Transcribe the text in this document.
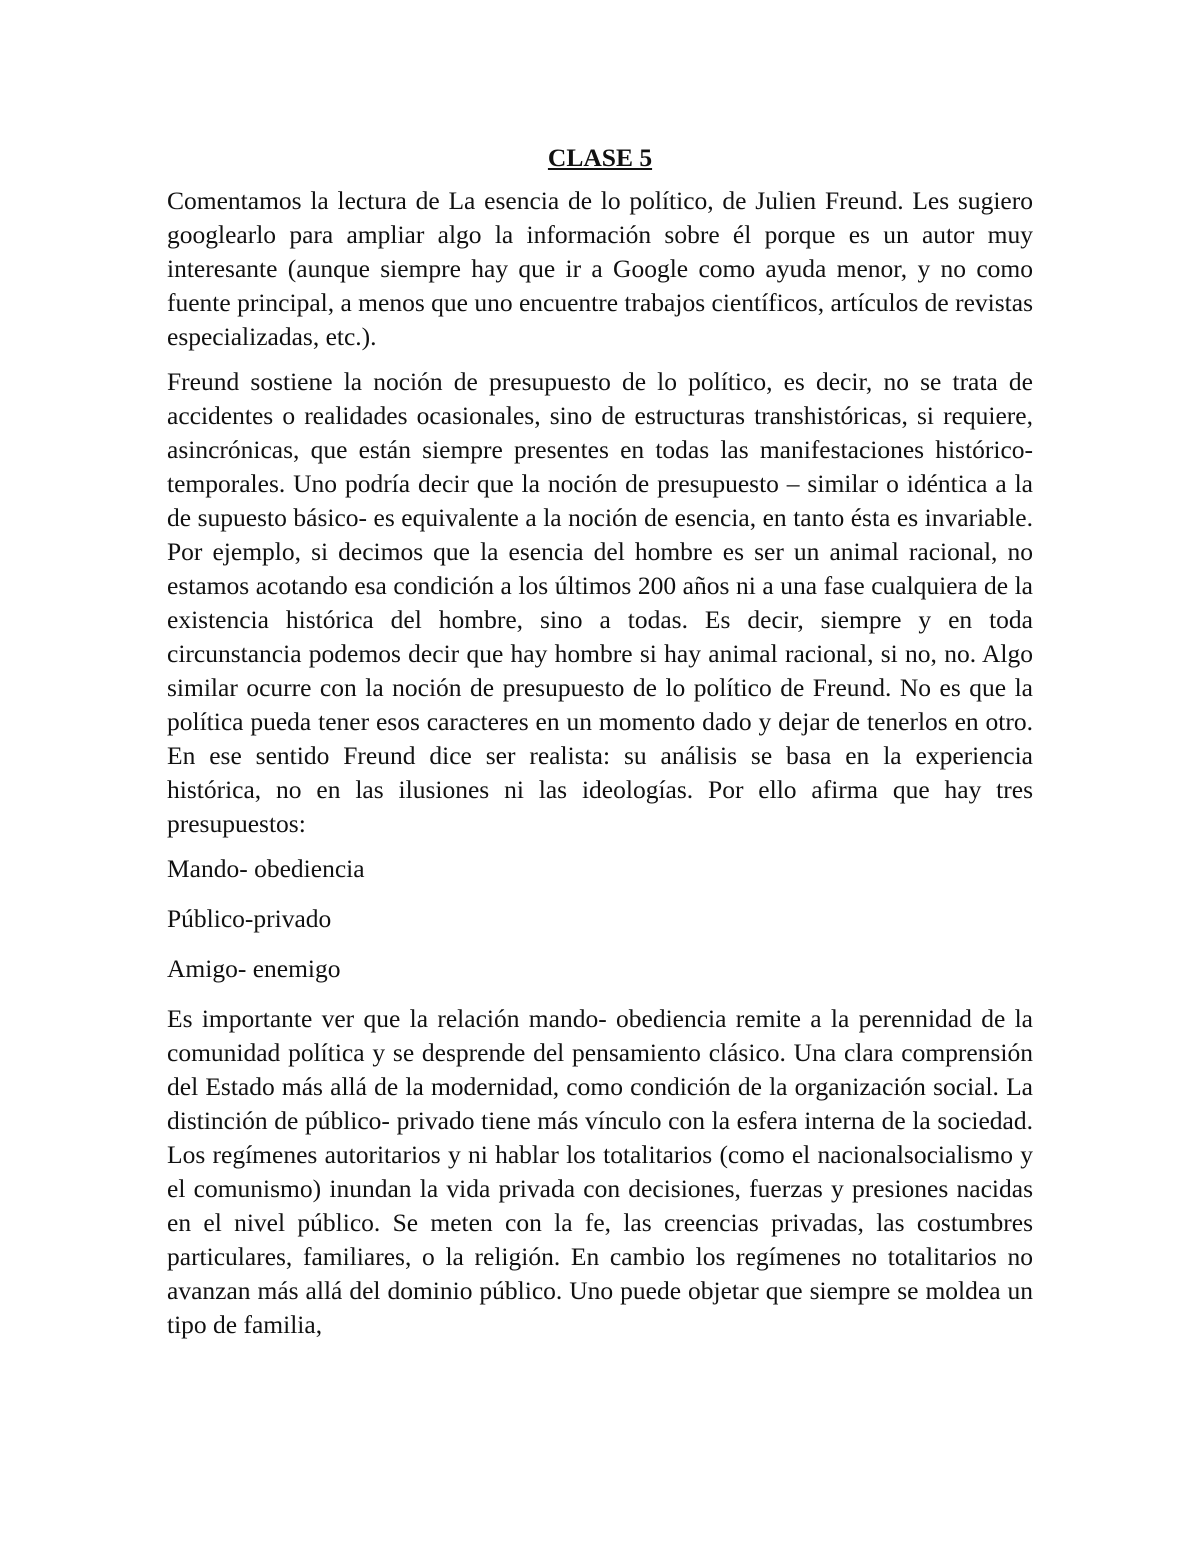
CLASE 5

Comentamos la lectura de La esencia de lo político, de Julien Freund. Les sugiero googlearlo para ampliar algo la información sobre él porque es un autor muy interesante (aunque siempre hay que ir a Google como ayuda menor, y no como fuente principal, a menos que uno encuentre trabajos científicos, artículos de revistas especializadas, etc.).

Freund sostiene la noción de presupuesto de lo político, es decir, no se trata de accidentes o realidades ocasionales, sino de estructuras transhistóricas, si requiere, asincrónicas, que están siempre presentes en todas las manifestaciones histórico- temporales. Uno podría decir que la noción de presupuesto – similar o idéntica a la de supuesto básico- es equivalente a la noción de esencia, en tanto ésta es invariable. Por ejemplo, si decimos que la esencia del hombre es ser un animal racional, no estamos acotando esa condición a los últimos 200 años ni a una fase cualquiera de la existencia histórica del hombre, sino a todas. Es decir, siempre y en toda circunstancia podemos decir que hay hombre si hay animal racional, si no, no. Algo similar ocurre con la noción de presupuesto de lo político de Freund. No es que la política pueda tener esos caracteres en un momento dado y dejar de tenerlos en otro. En ese sentido Freund dice ser realista: su análisis se basa en la experiencia histórica, no en las ilusiones ni las ideologías. Por ello afirma que hay tres presupuestos:

Mando- obediencia

Público-privado

Amigo- enemigo

Es importante ver que la relación mando- obediencia remite a la perennidad de la comunidad política y se desprende del pensamiento clásico. Una clara comprensión del Estado más allá de la modernidad, como condición de la organización social. La distinción de público- privado tiene más vínculo con la esfera interna de la sociedad. Los regímenes autoritarios y ni hablar los totalitarios (como el nacionalsocialismo y el comunismo) inundan la vida privada con decisiones, fuerzas y presiones nacidas en el nivel público. Se meten con la fe, las creencias privadas, las costumbres particulares, familiares, o la religión. En cambio los regímenes no totalitarios no avanzan más allá del dominio público. Uno puede objetar que siempre se moldea un tipo de familia,
